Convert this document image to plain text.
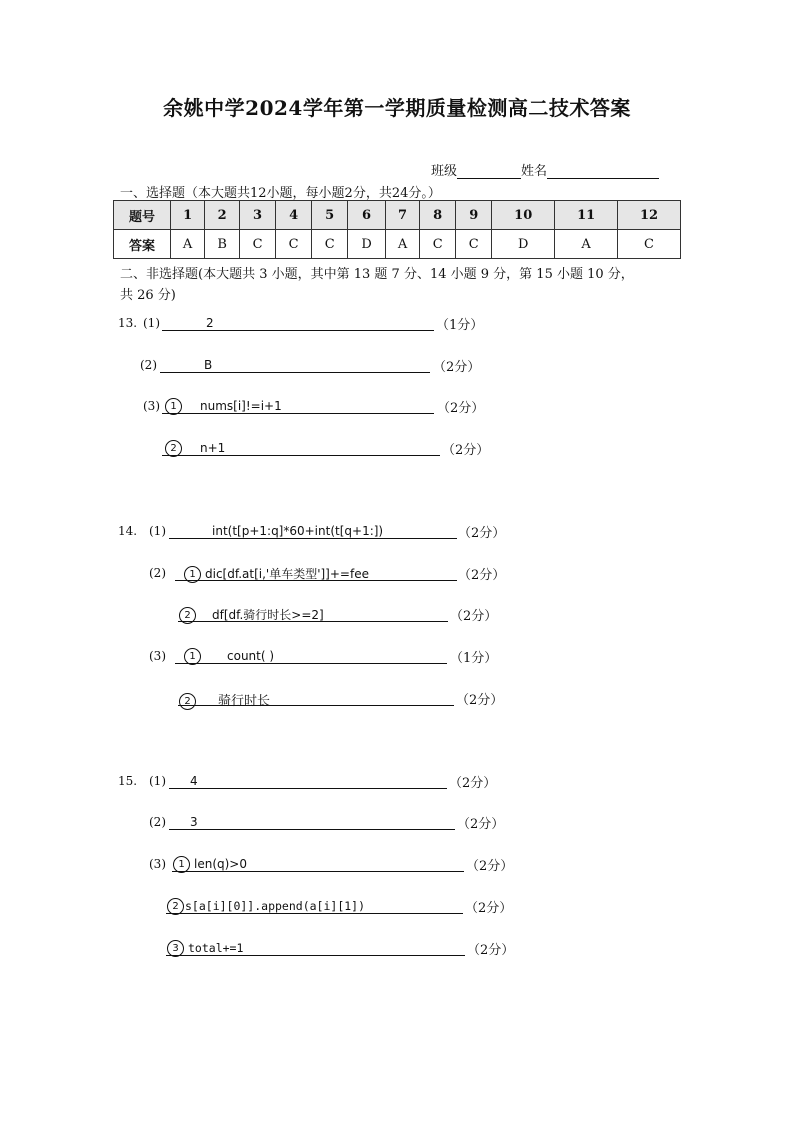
余姚中学2024学年第一学期质量检测高二技术答案
班级	姓名
一、选择题（本大题共12小题，每小题2分，共24分。）
题号	1	2	3	4	5	6	7	8	9	10	11	12
答案	A	B	C	C	C	D	A	C	C	D	A	C
二、非选择题(本大题共 3 小题，其中第 13 题 7 分、14 小题 9 分，第 15 小题 10 分，
共 26 分)
13. (1)	2	（1分）
(2)	B	（2分）
(3)	1 nums[i]!=i+1	（2分）
2 n+1	（2分）
14. (1)	int(t[p+1:q]*60+int(t[q+1:])	（2分）
(2)	1 dic[df.at[i,'单车类型']]+=fee	（2分）
2 df[df.骑行时长>=2]	（2分）
(3)	1	count( )	（1分）
2 骑行时长	（2分）
15. (1) 4	（2分）
(2) 3	（2分）
(3)	1 len(q)>0	（2分）
2 s[a[i][0]].append(a[i][1])	（2分）
3 total+=1	（2分）
